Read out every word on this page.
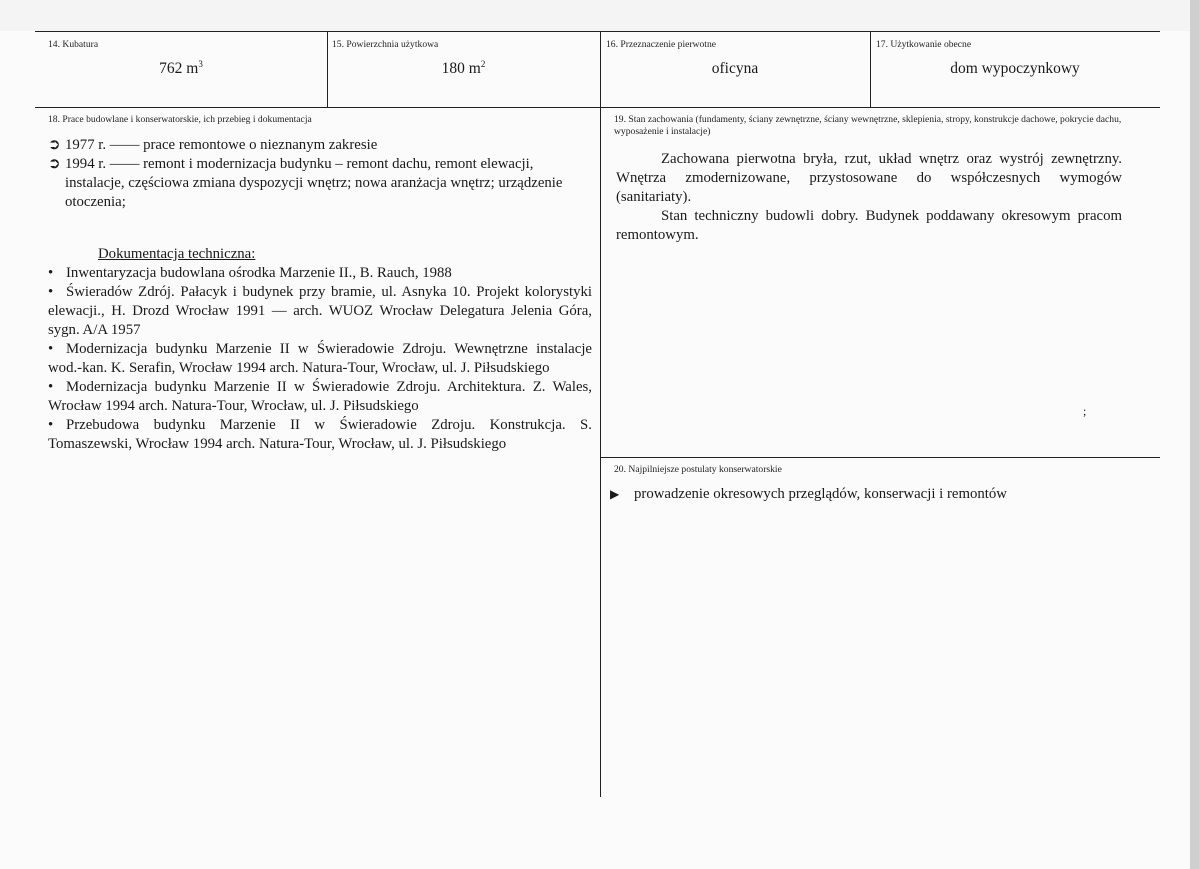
14. Kubatura
762 $m^3$
15. Powierzchnia użytkowa
180 $m^2$
16. Przeznaczenie pierwotne
oficyna
17. Użytkowanie obecne
dom wypoczynkowy
18. Prace budowlane i konserwatorskie, ich przebieg i dokumentacja
➲ 1977 r. —— prace remontowe o nieznanym zakresie
➲ 1994 r. —— remont i modernizacja budynku – remont dachu, remont elewacji, instalacje, częściowa zmiana dyspozycji wnętrz; nowa aranżacja wnętrz; urządzenie otoczenia;
Dokumentacja techniczna:
• Inwentaryzacja budowlana ośrodka Marzenie II., B. Rauch, 1988
• Świeradów Zdrój. Pałacyk i budynek przy bramie, ul. Asnyka 10. Projekt kolorystyki elewacji., H. Drozd Wrocław 1991 — arch. WUOZ Wrocław Delegatura Jelenia Góra, sygn. A/A 1957
• Modernizacja budynku Marzenie II w Świeradowie Zdroju. Wewnętrzne instalacje wod.-kan. K. Serafin, Wrocław 1994 arch. Natura-Tour, Wrocław, ul. J. Piłsudskiego
• Modernizacja budynku Marzenie II w Świeradowie Zdroju. Architektura. Z. Wales, Wrocław 1994 arch. Natura-Tour, Wrocław, ul. J. Piłsudskiego
• Przebudowa budynku Marzenie II w Świeradowie Zdroju. Konstrukcja. S. Tomaszewski, Wrocław 1994 arch. Natura-Tour, Wrocław, ul. J. Piłsudskiego
19. Stan zachowania (fundamenty, ściany zewnętrzne, ściany wewnętrzne, sklepienia, stropy, konstrukcje dachowe, pokrycie dachu, wyposażenie i instalacje)
Zachowana pierwotna bryła, rzut, układ wnętrz oraz wystrój zewnętrzny. Wnętrza zmodernizowane, przystosowane do współczesnych wymogów (sanitariaty).
Stan techniczny budowli dobry. Budynek poddawany okresowym pracom remontowym.
20. Najpilniejsze postulaty konserwatorskie
▶ prowadzenie okresowych przeglądów, konserwacji i remontów
;
